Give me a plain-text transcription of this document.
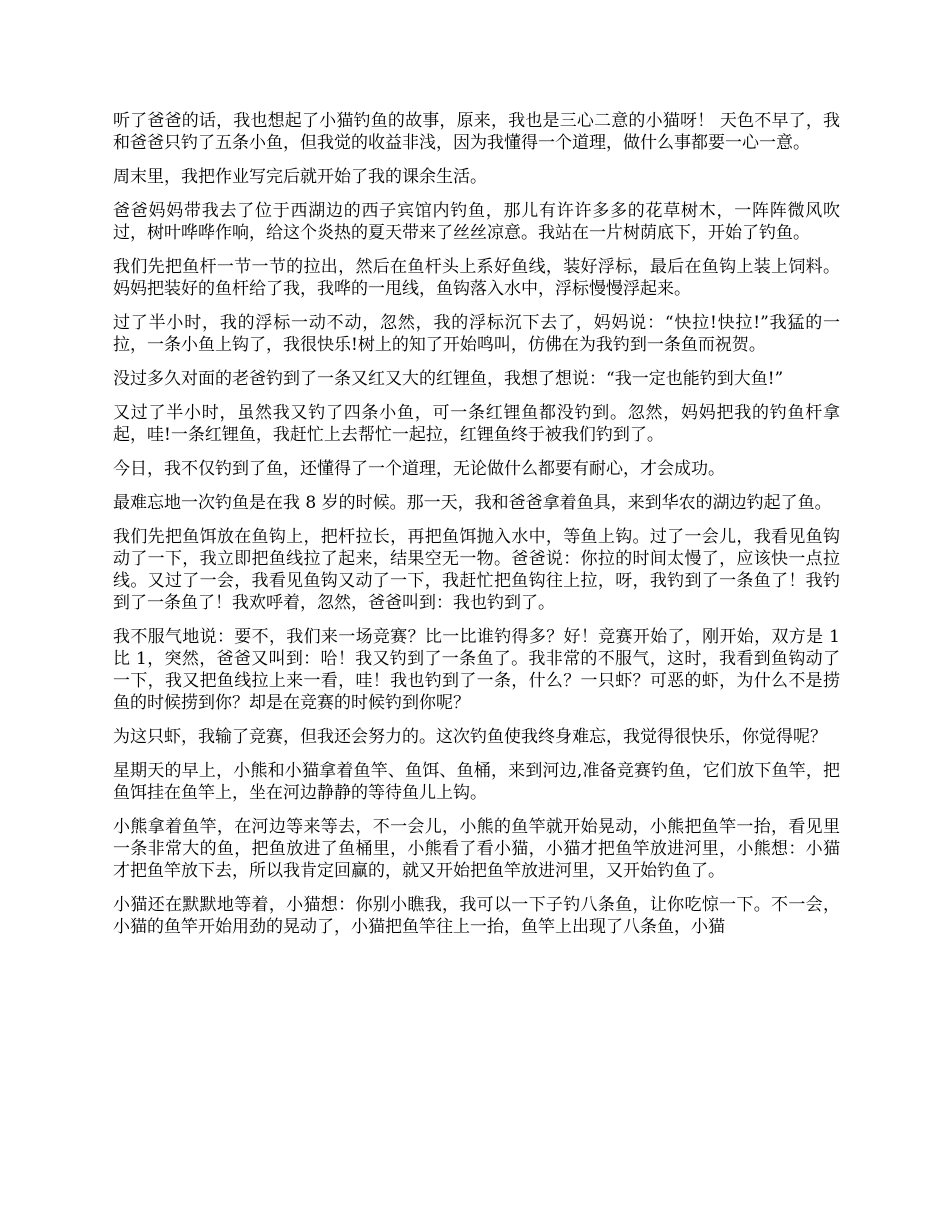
听了爸爸的话，我也想起了小猫钓鱼的故事，原来，我也是三心二意的小猫呀！ 天色不早了，我和爸爸只钓了五条小鱼，但我觉的收益非浅，因为我懂得一个道理，做什么事都要一心一意。

周末里，我把作业写完后就开始了我的课余生活。

爸爸妈妈带我去了位于西湖边的西子宾馆内钓鱼，那儿有许许多多的花草树木，一阵阵微风吹过，树叶哗哗作响，给这个炎热的夏天带来了丝丝凉意。我站在一片树荫底下，开始了钓鱼。

我们先把鱼杆一节一节的拉出，然后在鱼杆头上系好鱼线，装好浮标，最后在鱼钩上装上饲料。妈妈把装好的鱼杆给了我，我哗的一甩线，鱼钩落入水中，浮标慢慢浮起来。

过了半小时，我的浮标一动不动，忽然，我的浮标沉下去了，妈妈说：“快拉!快拉!”我猛的一拉，一条小鱼上钩了，我很快乐!树上的知了开始鸣叫，仿佛在为我钓到一条鱼而祝贺。

没过多久对面的老爸钓到了一条又红又大的红锂鱼，我想了想说：“我一定也能钓到大鱼!”

又过了半小时，虽然我又钓了四条小鱼，可一条红锂鱼都没钓到。忽然，妈妈把我的钓鱼杆拿起，哇!一条红锂鱼，我赶忙上去帮忙一起拉，红锂鱼终于被我们钓到了。

今日，我不仅钓到了鱼，还懂得了一个道理，无论做什么都要有耐心，才会成功。

最难忘地一次钓鱼是在我 8 岁的时候。那一天，我和爸爸拿着鱼具，来到华农的湖边钓起了鱼。

我们先把鱼饵放在鱼钩上，把杆拉长，再把鱼饵抛入水中，等鱼上钩。过了一会儿，我看见鱼钩动了一下，我立即把鱼线拉了起来，结果空无一物。爸爸说：你拉的时间太慢了，应该快一点拉线。又过了一会，我看见鱼钩又动了一下，我赶忙把鱼钩往上拉，呀，我钓到了一条鱼了！我钓到了一条鱼了！我欢呼着，忽然，爸爸叫到：我也钓到了。

我不服气地说：要不，我们来一场竞赛？比一比谁钓得多？好！竞赛开始了，刚开始，双方是 1 比 1，突然，爸爸又叫到：哈！我又钓到了一条鱼了。我非常的不服气，这时，我看到鱼钩动了一下，我又把鱼线拉上来一看，哇！我也钓到了一条，什么？一只虾？可恶的虾，为什么不是捞鱼的时候捞到你？却是在竞赛的时候钓到你呢？

为这只虾，我输了竞赛，但我还会努力的。这次钓鱼使我终身难忘，我觉得很快乐，你觉得呢？

星期天的早上，小熊和小猫拿着鱼竿、鱼饵、鱼桶，来到河边,准备竞赛钓鱼，它们放下鱼竿，把鱼饵挂在鱼竿上，坐在河边静静的等待鱼儿上钩。

小熊拿着鱼竿，在河边等来等去，不一会儿，小熊的鱼竿就开始晃动，小熊把鱼竿一抬，看见里一条非常大的鱼，把鱼放进了鱼桶里，小熊看了看小猫，小猫才把鱼竿放进河里，小熊想：小猫才把鱼竿放下去，所以我肯定回赢的，就又开始把鱼竿放进河里，又开始钓鱼了。

小猫还在默默地等着，小猫想：你别小瞧我，我可以一下子钓八条鱼，让你吃惊一下。不一会，小猫的鱼竿开始用劲的晃动了，小猫把鱼竿往上一抬，鱼竿上出现了八条鱼，小猫
